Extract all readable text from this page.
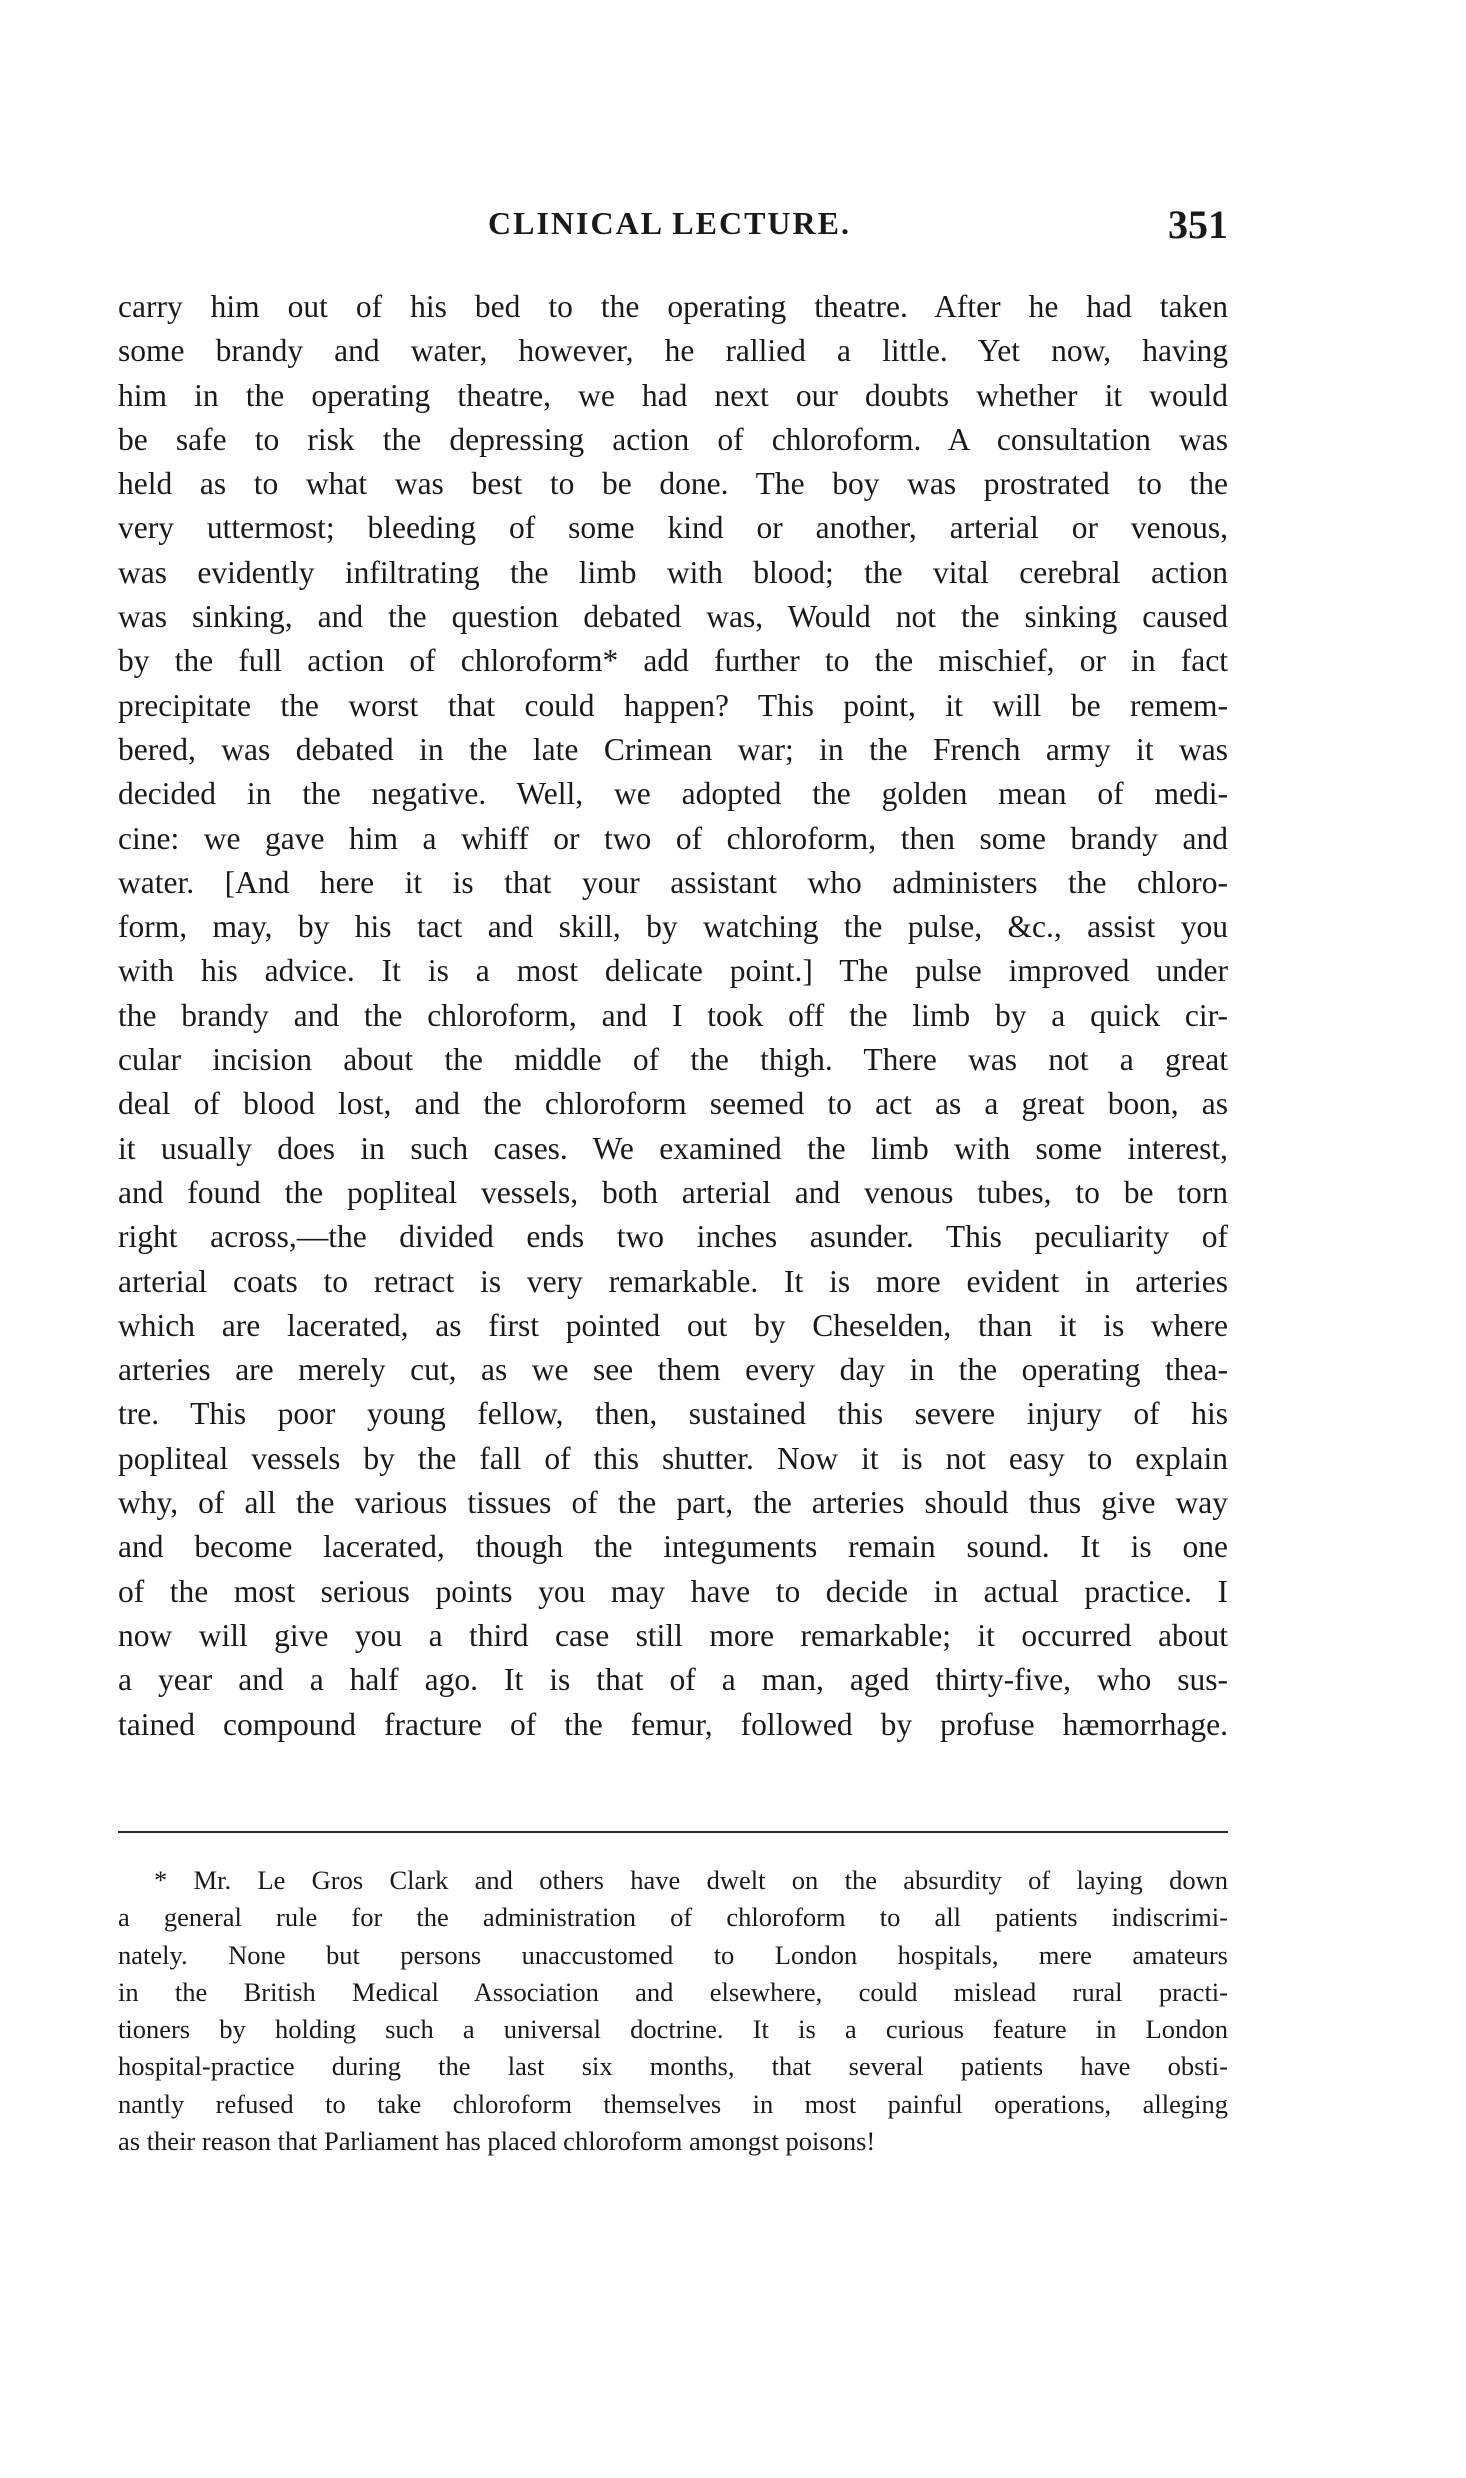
CLINICAL LECTURE.	351
carry him out of his bed to the operating theatre. After he had taken
some brandy and water, however, he rallied a little. Yet now, having
him in the operating theatre, we had next our doubts whether it would
be safe to risk the depressing action of chloroform. A consultation was
held as to what was best to be done. The boy was prostrated to the
very uttermost; bleeding of some kind or another, arterial or venous,
was evidently infiltrating the limb with blood; the vital cerebral action
was sinking, and the question debated was, Would not the sinking caused
by the full action of chloroform* add further to the mischief, or in fact
precipitate the worst that could happen? This point, it will be remem-
bered, was debated in the late Crimean war; in the French army it was
decided in the negative. Well, we adopted the golden mean of medi-
cine: we gave him a whiff or two of chloroform, then some brandy and
water. [And here it is that your assistant who administers the chloro-
form, may, by his tact and skill, by watching the pulse, &c., assist you
with his advice. It is a most delicate point.] The pulse improved under
the brandy and the chloroform, and I took off the limb by a quick cir-
cular incision about the middle of the thigh. There was not a great
deal of blood lost, and the chloroform seemed to act as a great boon, as
it usually does in such cases. We examined the limb with some interest,
and found the popliteal vessels, both arterial and venous tubes, to be torn
right across,—the divided ends two inches asunder. This peculiarity of
arterial coats to retract is very remarkable. It is more evident in arteries
which are lacerated, as first pointed out by Cheselden, than it is where
arteries are merely cut, as we see them every day in the operating thea-
tre. This poor young fellow, then, sustained this severe injury of his
popliteal vessels by the fall of this shutter. Now it is not easy to explain
why, of all the various tissues of the part, the arteries should thus give way
and become lacerated, though the integuments remain sound. It is one
of the most serious points you may have to decide in actual practice. I
now will give you a third case still more remarkable; it occurred about
a year and a half ago. It is that of a man, aged thirty-five, who sus-
tained compound fracture of the femur, followed by profuse hæmorrhage.
* Mr. Le Gros Clark and others have dwelt on the absurdity of laying down
a general rule for the administration of chloroform to all patients indiscrimi-
nately. None but persons unaccustomed to London hospitals, mere amateurs
in the British Medical Association and elsewhere, could mislead rural practi-
tioners by holding such a universal doctrine. It is a curious feature in London
hospital-practice during the last six months, that several patients have obsti-
nantly refused to take chloroform themselves in most painful operations, alleging
as their reason that Parliament has placed chloroform amongst poisons!
